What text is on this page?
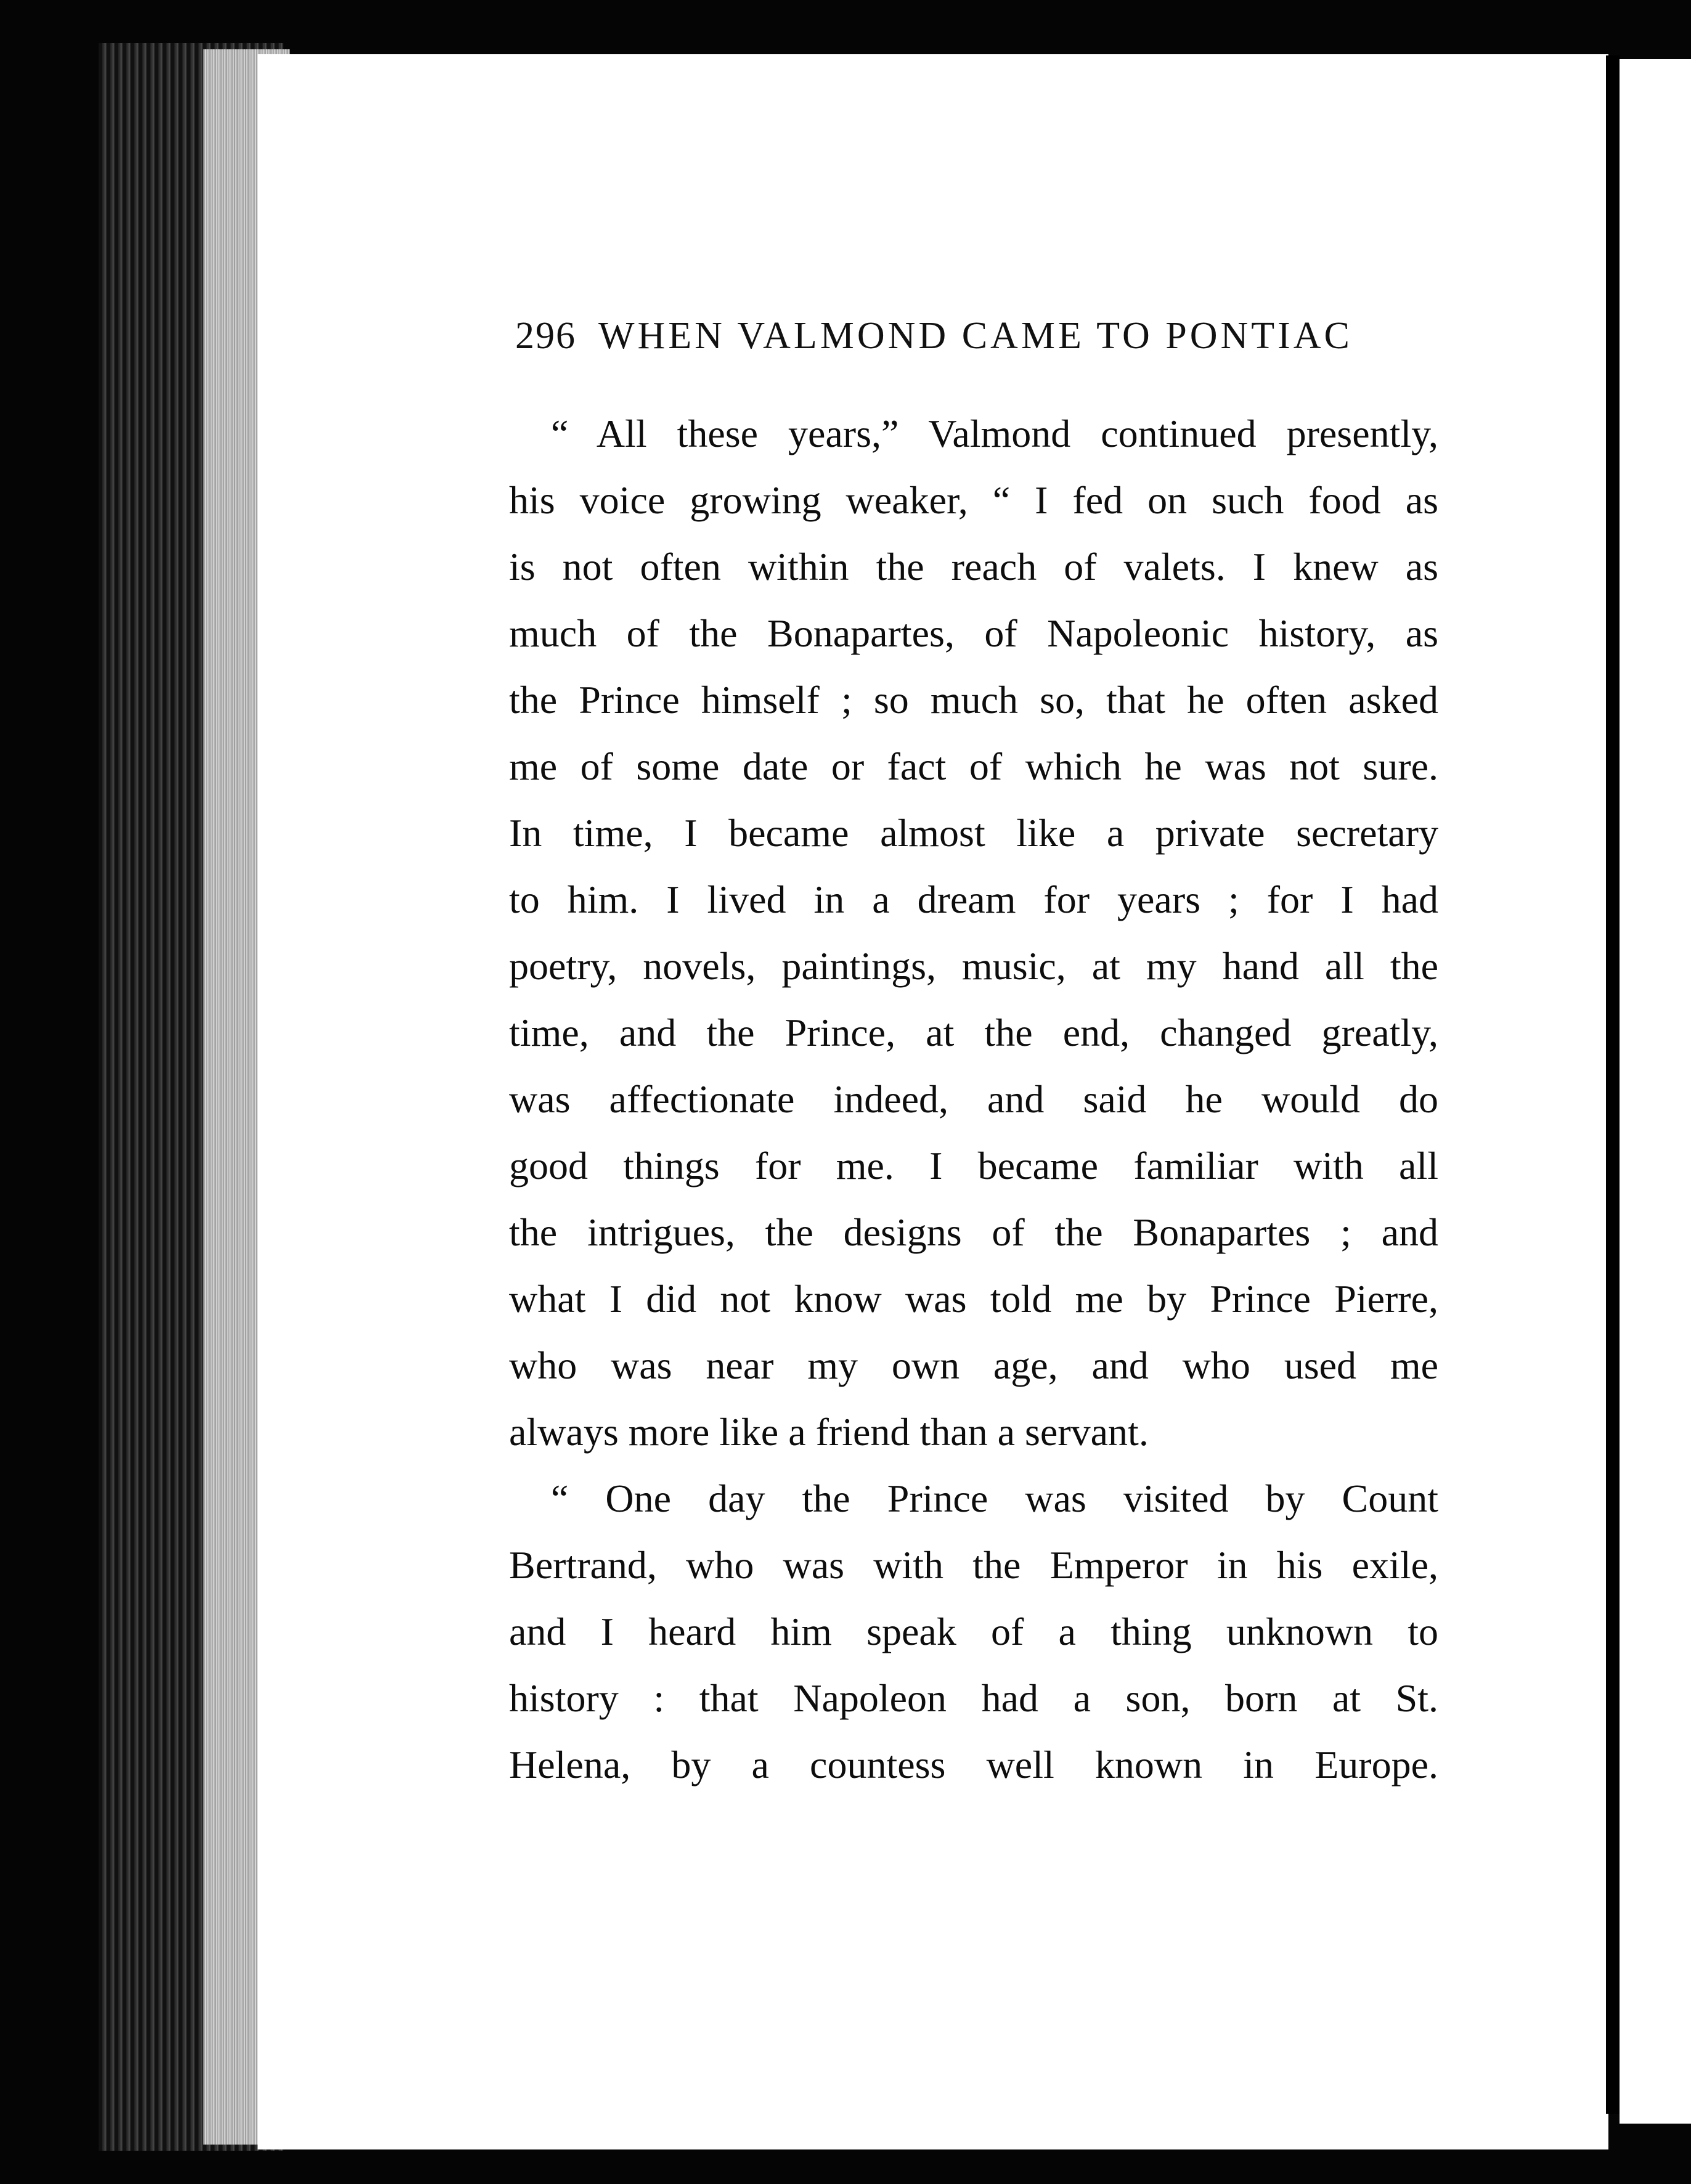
296 WHEN VALMOND CAME TO PONTIAC
“ All these years,” Valmond continued presently,
his voice growing weaker, “ I fed on such food as
is not often within the reach of valets. I knew as
much of the Bonapartes, of Napoleonic history, as
the Prince himself ; so much so, that he often asked
me of some date or fact of which he was not sure.
In time, I became almost like a private secretary
to him. I lived in a dream for years ; for I had
poetry, novels, paintings, music, at my hand all the
time, and the Prince, at the end, changed greatly,
was affectionate indeed, and said he would do
good things for me. I became familiar with all
the intrigues, the designs of the Bonapartes ; and
what I did not know was told me by Prince Pierre,
who was near my own age, and who used me
always more like a friend than a servant.
“ One day the Prince was visited by Count
Bertrand, who was with the Emperor in his exile,
and I heard him speak of a thing unknown to
history : that Napoleon had a son, born at St.
Helena, by a countess well known in Europe.
